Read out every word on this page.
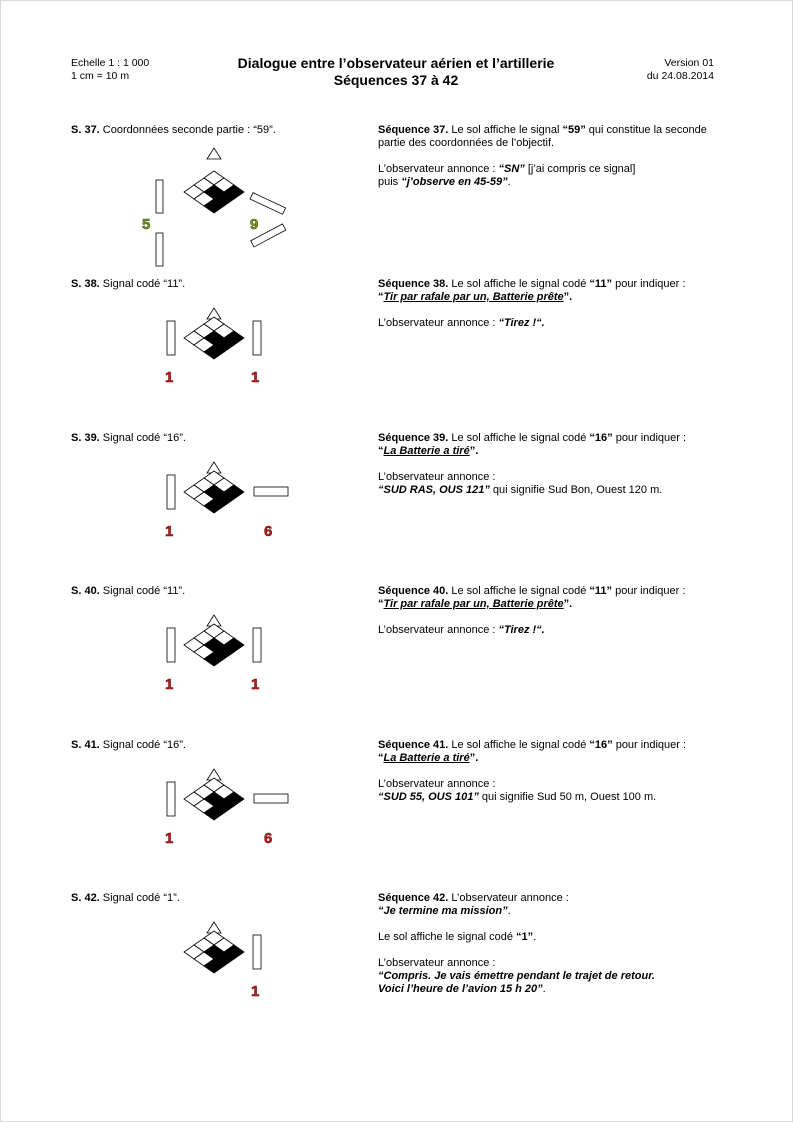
Echelle 1 : 1 000
1 cm = 10 m
Dialogue entre l’observateur aérien et l’artillerie
Séquences 37 à 42
Version 01
du 24.08.2014
S. 37. Coordonnées seconde partie : “59”.
5	9

Séquence 37. Le sol affiche le signal “59” qui constitue la seconde partie des coordonnées de l’objectif.

L’observateur annonce : “SN” [j’ai compris ce signal]
puis “j’observe en 45-59”.

S. 38. Signal codé “11”.
1	1

Séquence 38. Le sol affiche le signal codé “11” pour indiquer :
“Tir par rafale par un, Batterie prête”.

L’observateur annonce : “Tirez !“.

S. 39. Signal codé “16”.
1	6

Séquence 39. Le sol affiche le signal codé “16” pour indiquer :
“La Batterie a tiré”.

L’observateur annonce :
“SUD RAS, OUS 121” qui signifie Sud Bon, Ouest 120 m.

S. 40. Signal codé “11”.
1	1

Séquence 40. Le sol affiche le signal codé “11” pour indiquer :
“Tir par rafale par un, Batterie prête”.

L’observateur annonce : “Tirez !“.

S. 41. Signal codé “16”.
1	6

Séquence 41. Le sol affiche le signal codé “16” pour indiquer :
“La Batterie a tiré”.

L’observateur annonce :
“SUD 55, OUS 101” qui signifie Sud 50 m, Ouest 100 m.

S. 42. Signal codé “1”.
1

Séquence 42. L’observateur annonce :
“Je termine ma mission”.

Le sol affiche le signal codé “1”.

L’observateur annonce :
“Compris. Je vais émettre pendant le trajet de retour.
Voici l’heure de l’avion 15 h 20”.
